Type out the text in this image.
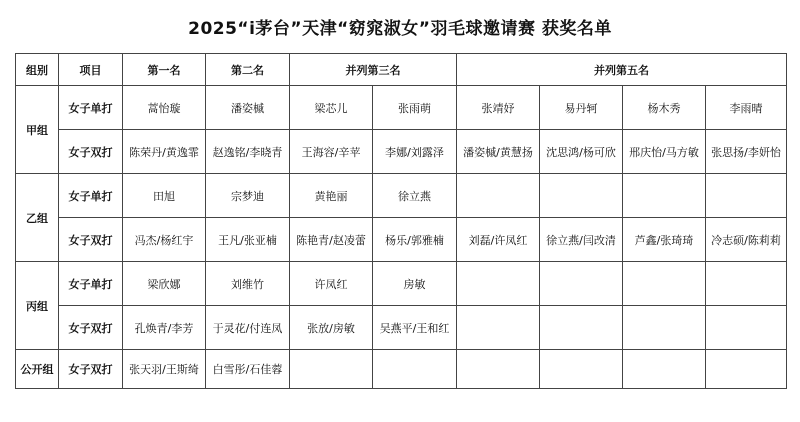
2025“i茅台”天津“窈窕淑女”羽毛球邀请赛 获奖名单
组别	项目	第一名	第二名	并列第三名		并列第五名			
甲组	女子单打	蒿怡璇	潘姿槭	梁芯儿	张雨萌	张靖妤	易丹轲	杨木秀	李雨晴
	女子双打	陈荣丹/黄逸霏	赵逸铭/李晓青	王海容/辛苹	李娜/刘露泽	潘姿槭/黄慧扬	沈思鸿/杨可欣	邢庆怡/马方敏	张思扬/李妍怡
乙组	女子单打	田旭	宗梦迪	黄艳丽	徐立燕				
	女子双打	冯杰/杨红宇	王凡/张亚楠	陈艳青/赵凌蕾	杨乐/郭雅楠	刘磊/许凤红	徐立燕/闫改清	芦鑫/张琦琦	冷志硕/陈莉莉
丙组	女子单打	梁欣娜	刘维竹	许凤红	房敏				
	女子双打	孔焕青/李芳	于灵花/付连凤	张放/房敏	吴燕平/王和红				
公开组	女子双打	张天羽/王斯绮	白雪彤/石佳蓉						
